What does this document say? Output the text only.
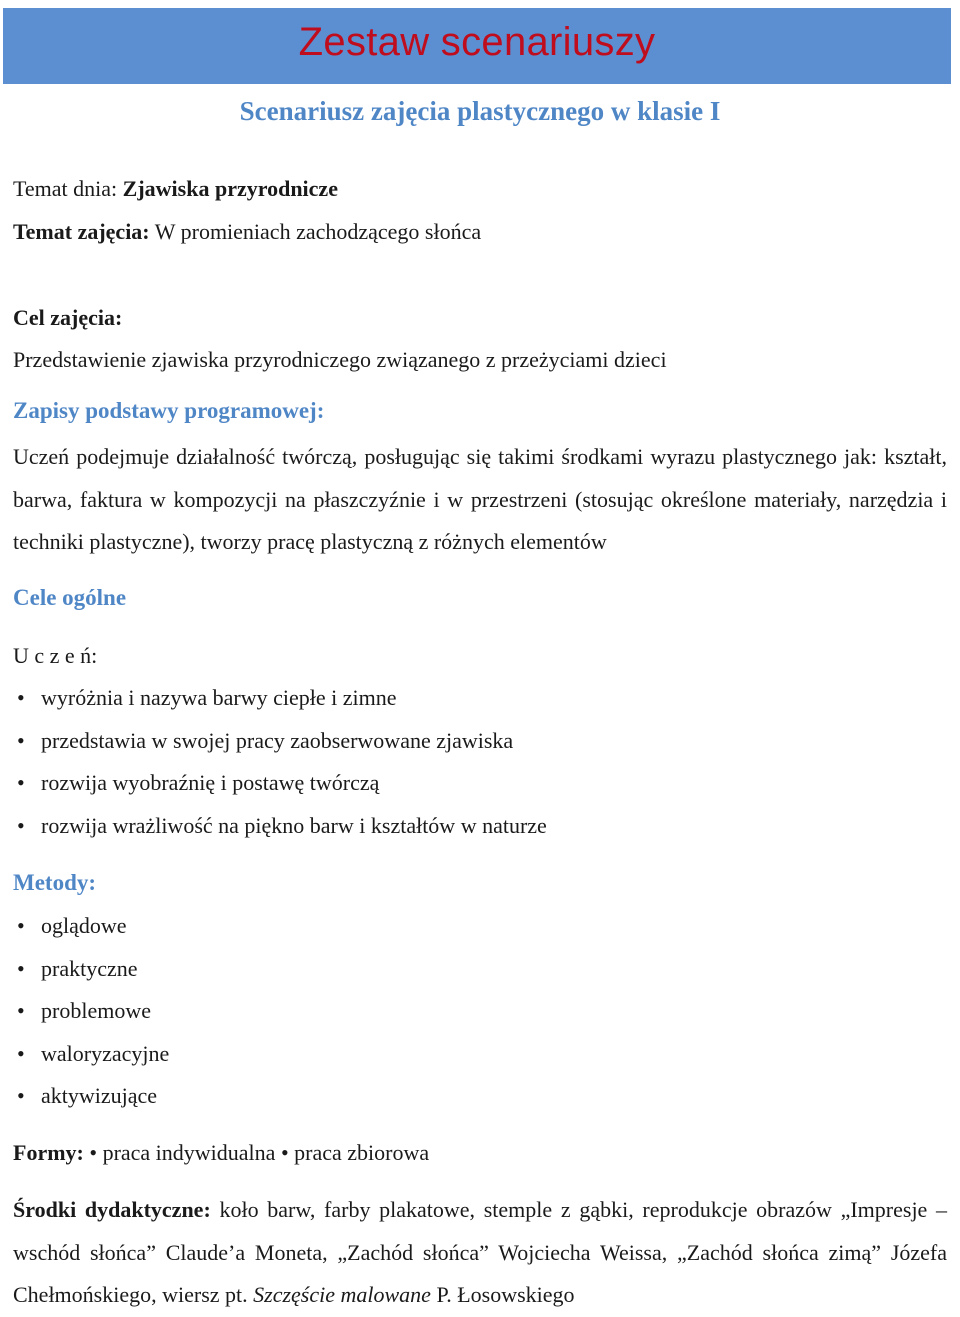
Zestaw scenariuszy
Scenariusz zajęcia plastycznego w klasie I
Temat dnia: Zjawiska przyrodnicze
Temat zajęcia: W promieniach zachodzącego słońca
Cel zajęcia:
Przedstawienie zjawiska przyrodniczego związanego z przeżyciami dzieci
Zapisy podstawy programowej:
Uczeń podejmuje działalność twórczą, posługując się takimi środkami wyrazu plastycznego jak: kształt, barwa, faktura w kompozycji na płaszczyźnie i w przestrzeni (stosując określone materiały, narzędzia i techniki plastyczne), tworzy pracę plastyczną z różnych elementów
Cele ogólne
U c z e ń:
• wyróżnia i nazywa barwy ciepłe i zimne
• przedstawia w swojej pracy zaobserwowane zjawiska
• rozwija wyobraźnię i postawę twórczą
• rozwija wrażliwość na piękno barw i kształtów w naturze
Metody:
• oglądowe
• praktyczne
• problemowe
• waloryzacyjne
• aktywizujące
Formy: • praca indywidualna • praca zbiorowa
Środki dydaktyczne: koło barw, farby plakatowe, stemple z gąbki, reprodukcje obrazów „Impresje – wschód słońca” Claude’a Moneta, „Zachód słońca” Wojciecha Weissa, „Zachód słońca zimą” Józefa Chełmońskiego, wiersz pt. Szczęście malowane P. Łosowskiego
